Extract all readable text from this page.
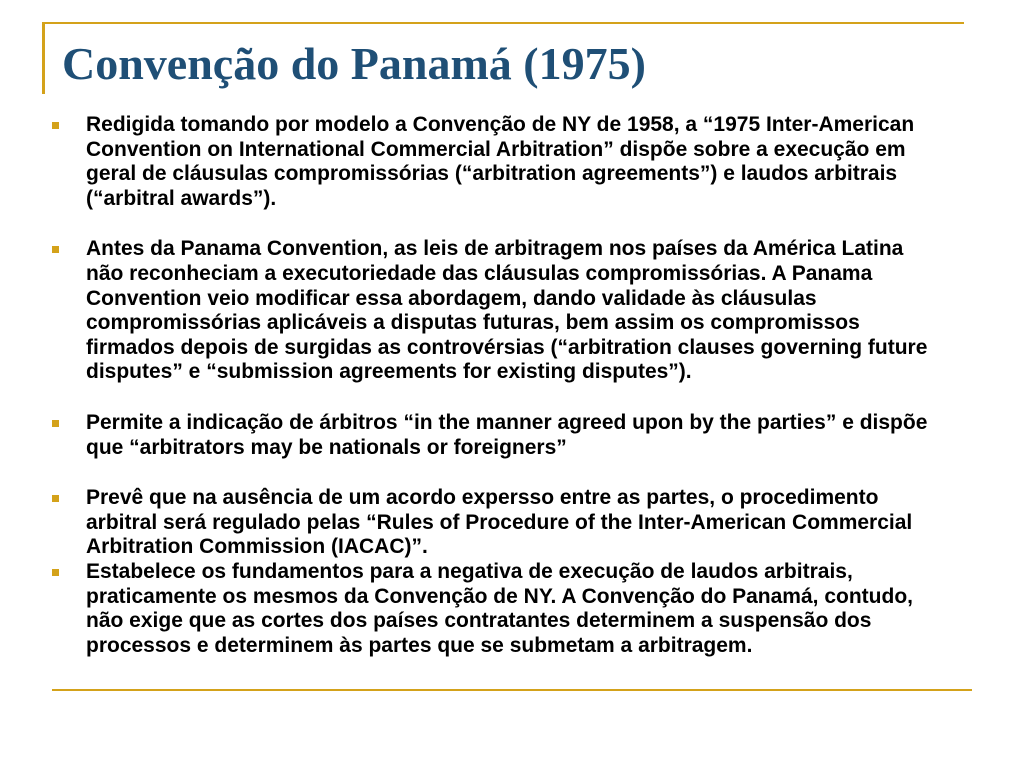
Convenção do Panamá (1975)
Redigida tomando por modelo a Convenção de NY de 1958, a “1975 Inter-American Convention on International Commercial Arbitration” dispõe sobre a execução em geral de cláusulas compromissórias (“arbitration agreements”) e laudos arbitrais (“arbitral awards”).
Antes da Panama Convention, as leis de arbitragem nos países da América Latina não reconheciam a executoriedade das cláusulas compromissórias. A Panama Convention veio modificar essa abordagem, dando validade às cláusulas compromissórias aplicáveis a disputas futuras, bem assim os compromissos firmados depois de surgidas as controvérsias (“arbitration clauses governing future disputes” e “submission agreements for existing disputes”).
Permite a indicação de árbitros “in the manner agreed upon by the parties” e dispõe que “arbitrators may be nationals or foreigners”
Prevê que na ausência de um acordo expersso entre as partes, o procedimento arbitral será regulado pelas “Rules of Procedure of the Inter-American Commercial Arbitration Commission (IACAC)”.
Estabelece os fundamentos para a negativa de execução de laudos arbitrais, praticamente os mesmos da Convenção de NY. A Convenção do Panamá, contudo, não exige que as cortes dos países contratantes determinem a suspensão dos processos e determinem às partes que se submetam a arbitragem.
